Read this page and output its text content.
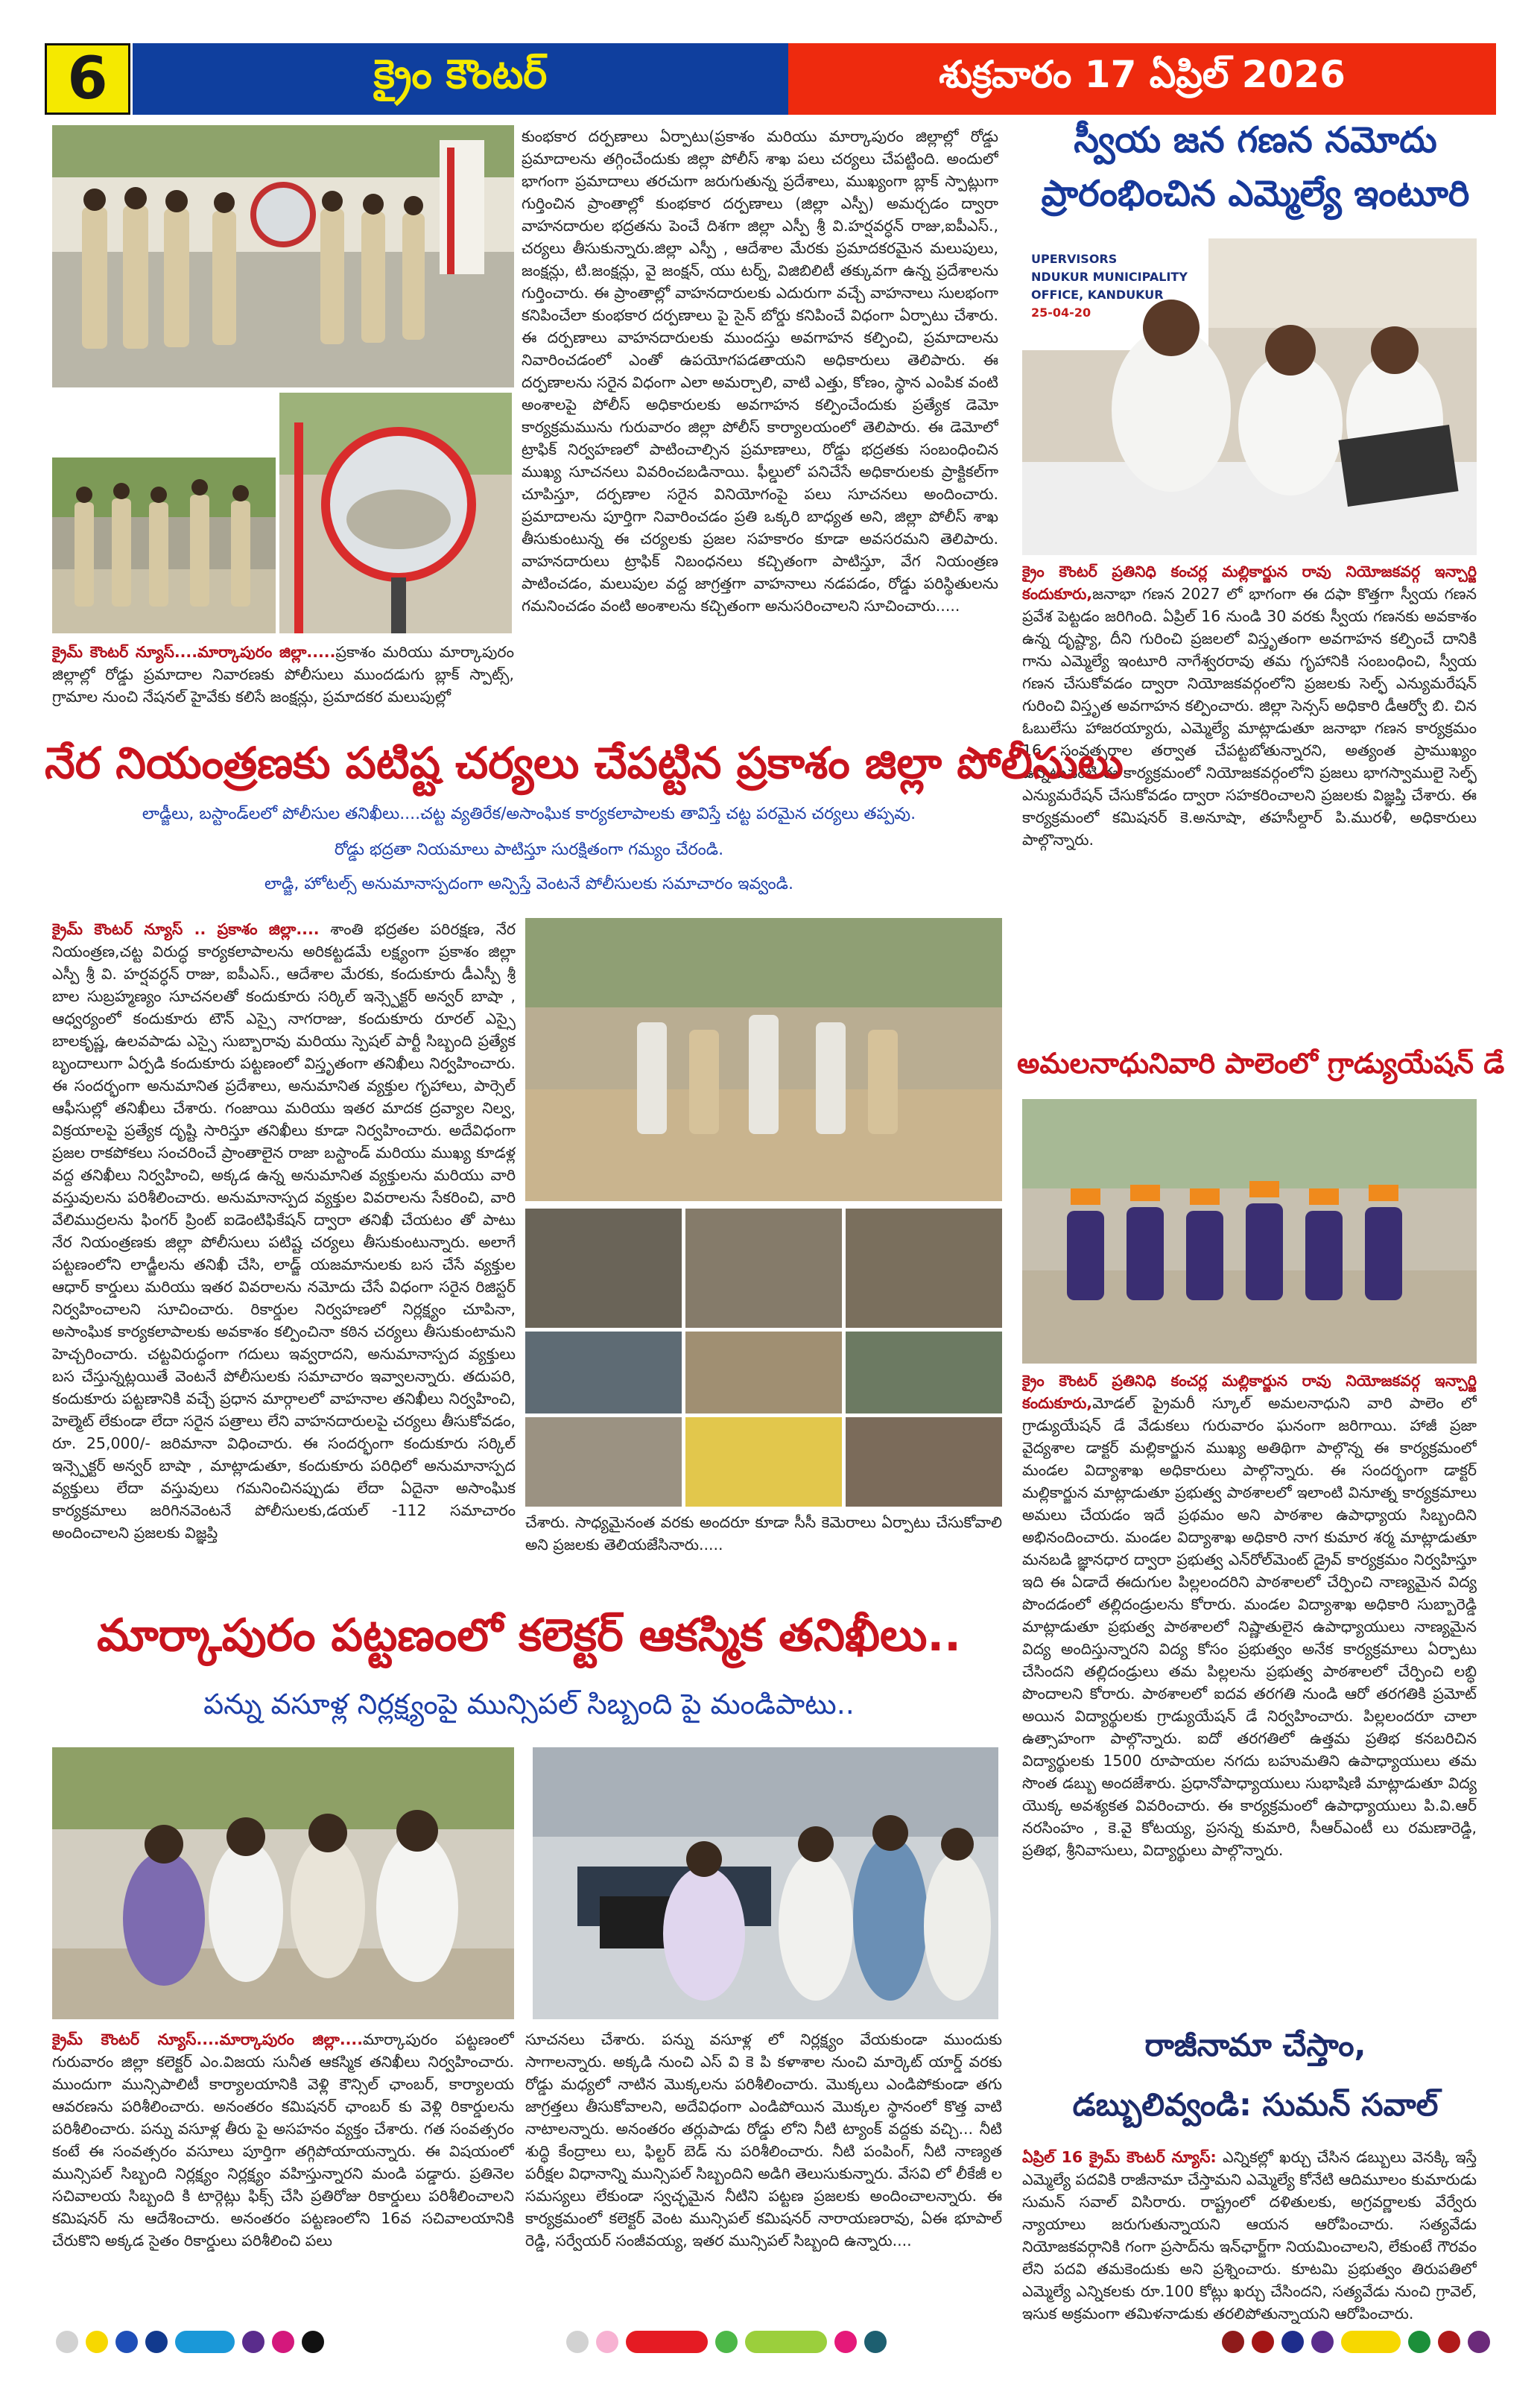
6	క్రైం కౌంటర్	శుక్రవారం 17 ఏప్రిల్ 2026
కుంభకార దర్పణాలు ఏర్పాటు(ప్రకాశం మరియు మార్కాపురం జిల్లాల్లో రోడ్డు ప్రమాదాలను తగ్గించేందుకు జిల్లా పోలీస్ శాఖ పలు చర్యలు చేపట్టింది. అందులో భాగంగా ప్రమాదాలు తరచుగా జరుగుతున్న ప్రదేశాలు, ముఖ్యంగా బ్లాక్ స్పాట్లుగా గుర్తించిన ప్రాంతాల్లో కుంభకార దర్పణాలు (జిల్లా ఎస్పీ) అమర్చడం ద్వారా వాహనదారుల భద్రతను పెంచే దిశగా జిల్లా ఎస్పీ శ్రీ వి.హర్షవర్ధన్ రాజు,ఐపీఎస్., చర్యలు తీసుకున్నారు.జిల్లా ఎస్పీ , ఆదేశాల మేరకు ప్రమాదకరమైన మలుపులు, జంక్షన్లు, టి.జంక్షన్లు, వై జంక్షన్, యు టర్న్, విజిబిలిటీ తక్కువగా ఉన్న ప్రదేశాలను గుర్తించారు. ఈ ప్రాంతాల్లో వాహనదారులకు ఎదురుగా వచ్చే వాహనాలు సులభంగా కనిపించేలా కుంభకార దర్పణాలు పై సైన్ బోర్డు కనిపించే విధంగా ఏర్పాటు చేశారు. ఈ దర్పణాలు వాహనదారులకు ముందస్తు అవగాహన కల్పించి, ప్రమాదాలను నివారించడంలో ఎంతో ఉపయోగపడతాయని అధికారులు తెలిపారు. ఈ దర్పణాలను సరైన విధంగా ఎలా అమర్చాలి, వాటి ఎత్తు, కోణం, స్థాన ఎంపిక వంటి అంశాలపై పోలీస్ అధికారులకు అవగాహన కల్పించేందుకు ప్రత్యేక డెమో కార్యక్రమమును గురువారం జిల్లా పోలీస్ కార్యాలయంలో తెలిపారు. ఈ డెమోలో ట్రాఫిక్ నిర్వహణలో పాటించాల్సిన ప్రమాణాలు, రోడ్డు భద్రతకు సంబంధించిన ముఖ్య సూచనలు వివరించబడినాయి. ఫీల్డులో పనిచేసే అధికారులకు ప్రాక్టికల్‌గా చూపిస్తూ, దర్పణాల సరైన వినియోగంపై పలు సూచనలు అందించారు. ప్రమాదాలను పూర్తిగా నివారించడం ప్రతి ఒక్కరి బాధ్యత అని, జిల్లా పోలీస్ శాఖ తీసుకుంటున్న ఈ చర్యలకు ప్రజల సహకారం కూడా అవసరమని తెలిపారు. వాహనదారులు ట్రాఫిక్ నిబంధనలు కచ్చితంగా పాటిస్తూ, వేగ నియంత్రణ పాటించడం, మలుపుల వద్ద జాగ్రత్తగా వాహనాలు నడపడం, రోడ్డు పరిస్థితులను గమనించడం వంటి అంశాలను కచ్చితంగా అనుసరించాలని సూచించారు.....
క్రైమ్ కౌంటర్ న్యూస్....మార్కాపురం జిల్లా.....ప్రకాశం మరియు మార్కాపురం జిల్లాల్లో రోడ్డు ప్రమాదాల నివారణకు పోలీసులు ముందడుగు బ్లాక్ స్పాట్స్, గ్రామాల నుంచి నేషనల్ హైవేకు కలిసే జంక్షన్లు, ప్రమాదకర మలుపుల్లో
స్వీయ జన గణన నమోదు
ప్రారంభించిన ఎమ్మెల్యే ఇంటూరి
UPERVISORS
NDUKUR MUNICIPALITY
OFFICE, KANDUKUR
25-04-20
క్రైం కౌంటర్ ప్రతినిధి కంచర్ల మల్లికార్జున రావు నియోజకవర్గ ఇన్చార్జి కందుకూరు,జనాభా గణన 2027 లో భాగంగా ఈ దఫా కొత్తగా స్వీయ గణన ప్రవేశ పెట్టడం జరిగింది. ఏప్రిల్ 16 నుండి 30 వరకు స్వీయ గణనకు అవకాశం ఉన్న దృష్ట్యా, దీని గురించి ప్రజలలో విస్తృతంగా అవగాహన కల్పించే దానికి గాను ఎమ్మెల్యే ఇంటూరి నాగేశ్వరరావు తమ గృహానికి సంబంధించి, స్వీయ గణన చేసుకోవడం ద్వారా నియోజకవర్గంలోని ప్రజలకు సెల్ఫ్ ఎన్యుమరేషన్ గురించి విస్తృత అవగాహన కల్పించారు. జిల్లా సెన్సస్ అధికారి డీఆర్వో బి. చిన ఓబులేసు హాజరయ్యారు, ఎమ్మెల్యే మాట్లాడుతూ జనాభా గణన కార్యక్రమం 16 సంవత్సరాల తర్వాత చేపట్టబోతున్నారని, అత్యంత ప్రాముఖ్యం ఉన్నటువంటి ఈ కార్యక్రమంలో నియోజకవర్గంలోని ప్రజలు భాగస్వాములై సెల్ఫ్ ఎన్యుమరేషన్ చేసుకోవడం ద్వారా సహకరించాలని ప్రజలకు విజ్ఞప్తి చేశారు. ఈ కార్యక్రమంలో కమిషనర్ కె.అనూషా, తహసీల్దార్ పి.మురళీ, అధికారులు పాల్గొన్నారు.
నేర నియంత్రణకు పటిష్ట చర్యలు చేపట్టిన ప్రకాశం జిల్లా పోలీసులు
లాడ్జీలు, బస్టాండ్‌లలో పోలీసుల తనిఖీలు....చట్ట వ్యతిరేక/అసాంఘిక కార్యకలాపాలకు తావిస్తే చట్ట పరమైన చర్యలు తప్పవు.
రోడ్డు భద్రతా నియమాలు పాటిస్తూ సురక్షితంగా గమ్యం చేరండి.
లాడ్జి, హోటల్స్ అనుమానాస్పదంగా అన్పిస్తే వెంటనే పోలీసులకు సమాచారం ఇవ్వండి.
క్రైమ్ కౌంటర్ న్యూస్ .. ప్రకాశం జిల్లా.... శాంతి భద్రతల పరిరక్షణ, నేర నియంత్రణ,చట్ట విరుద్ధ కార్యకలాపాలను అరికట్టడమే లక్ష్యంగా ప్రకాశం జిల్లా ఎస్పీ శ్రీ వి. హర్షవర్ధన్ రాజు, ఐపీఎస్., ఆదేశాల మేరకు, కందుకూరు డీఎస్పీ శ్రీ బాల సుబ్రహ్మణ్యం సూచనలతో కందుకూరు సర్కిల్ ఇన్స్పెక్టర్ అన్వర్ బాషా , ఆధ్వర్యంలో కందుకూరు టౌన్ ఎస్సై నాగరాజు, కందుకూరు రూరల్ ఎస్సై బాలకృష్ణ, ఉలవపాడు ఎస్సై సుబ్బారావు మరియు స్పెషల్ పార్టీ సిబ్బంది ప్రత్యేక బృందాలుగా ఏర్పడి కందుకూరు పట్టణంలో విస్తృతంగా తనిఖీలు నిర్వహించారు. ఈ సందర్భంగా అనుమానిత ప్రదేశాలు, అనుమానిత వ్యక్తుల గృహాలు, పార్సెల్ ఆఫీసుల్లో తనిఖీలు చేశారు. గంజాయి మరియు ఇతర మాదక ద్రవ్యాల నిల్వ, విక్రయాలపై ప్రత్యేక దృష్టి సారిస్తూ తనిఖీలు కూడా నిర్వహించారు. అదేవిధంగా ప్రజల రాకపోకలు సంచరించే ప్రాంతాలైన రాజా బస్టాండ్ మరియు ముఖ్య కూడళ్ల వద్ద తనిఖీలు నిర్వహించి, అక్కడ ఉన్న అనుమానిత వ్యక్తులను మరియు వారి వస్తువులను పరిశీలించారు. అనుమానాస్పద వ్యక్తుల వివరాలను సేకరించి, వారి వేలిముద్రలను ఫింగర్ ప్రింట్ ఐడెంటిఫికేషన్ ద్వారా తనిఖీ చేయటం తో పాటు నేర నియంత్రణకు జిల్లా పోలీసులు పటిష్ట చర్యలు తీసుకుంటున్నారు. అలాగే పట్టణంలోని లాడ్జీలను తనిఖీ చేసి, లాడ్జ్ యజమానులకు బస చేసే వ్యక్తుల ఆధార్ కార్డులు మరియు ఇతర వివరాలను నమోదు చేసే విధంగా సరైన రిజిస్టర్ నిర్వహించాలని సూచించారు. రికార్డుల నిర్వహణలో నిర్లక్ష్యం చూపినా, అసాంఘిక కార్యకలాపాలకు అవకాశం కల్పించినా కఠిన చర్యలు తీసుకుంటామని హెచ్చరించారు. చట్టవిరుద్ధంగా గదులు ఇవ్వరాదని, అనుమానాస్పద వ్యక్తులు బస చేస్తున్నట్లయితే వెంటనే పోలీసులకు సమాచారం ఇవ్వాలన్నారు. తదుపరి, కందుకూరు పట్టణానికి వచ్చే ప్రధాన మార్గాలలో వాహనాల తనిఖీలు నిర్వహించి, హెల్మెట్ లేకుండా లేదా సరైన పత్రాలు లేని వాహనదారులపై చర్యలు తీసుకోవడం, రూ. 25,000/- జరిమానా విధించారు. ఈ సందర్భంగా కందుకూరు సర్కిల్ ఇన్స్పెక్టర్ అన్వర్ బాషా , మాట్లాడుతూ, కందుకూరు పరిధిలో అనుమానాస్పద వ్యక్తులు లేదా వస్తువులు గమనించినప్పుడు లేదా ఏదైనా అసాంఘిక కార్యక్రమాలు జరిగినవెంటనే పోలీసులకు,డయల్ -112 సమాచారం అందించాలని ప్రజలకు విజ్ఞప్తి
చేశారు. సాధ్యమైనంత వరకు అందరూ కూడా సీసీ కెమెరాలు ఏర్పాటు చేసుకోవాలి అని ప్రజలకు తెలియజేసినారు.....
అమలనాధునివారి పాలెంలో గ్రాడ్యుయేషన్ డే
క్రైం కౌంటర్ ప్రతినిధి కంచర్ల మల్లికార్జున రావు నియోజకవర్గ ఇన్చార్జి కందుకూరు,మోడల్ ప్రైమరీ స్కూల్ అమలనాధుని వారి పాలెం లో గ్రాడ్యుయేషన్ డే వేడుకలు గురువారం ఘనంగా జరిగాయి. హాజీ ప్రజా వైద్యశాల డాక్టర్ మల్లికార్జున ముఖ్య అతిథిగా పాల్గొన్న ఈ కార్యక్రమంలో మండల విద్యాశాఖ అధికారులు పాల్గొన్నారు. ఈ సందర్భంగా డాక్టర్ మల్లికార్జున మాట్లాడుతూ ప్రభుత్వ పాఠశాలలో ఇలాంటి వినూత్న కార్యక్రమాలు అమలు చేయడం ఇదే ప్రథమం అని పాఠశాల ఉపాధ్యాయ సిబ్బందిని అభినందించారు. మండల విద్యాశాఖ అధికారి నాగ కుమార శర్మ మాట్లాడుతూ మనబడి జ్ఞానధార ద్వారా ప్రభుత్వ ఎన్‌రోల్‌మెంట్ డ్రైవ్ కార్యక్రమం నిర్వహిస్తూ ఇది ఈ ఏడాదే ఈదుగుల పిల్లలందరిని పాఠశాలలో చేర్పించి నాణ్యమైన విద్య పొందడంలో తల్లిదండ్రులను కోరారు. మండల విద్యాశాఖ అధికారి సుబ్బారెడ్డి మాట్లాడుతూ ప్రభుత్వ పాఠశాలలో నిష్ణాతులైన ఉపాధ్యాయులు నాణ్యమైన విద్య అందిస్తున్నారని విద్య కోసం ప్రభుత్వం అనేక కార్యక్రమాలు ఏర్పాటు చేసిందని తల్లిదండ్రులు తమ పిల్లలను ప్రభుత్వ పాఠశాలలో చేర్పించి లబ్ధి పొందాలని కోరారు. పాఠశాలలో ఐదవ తరగతి నుండి ఆరో తరగతికి ప్రమోట్ అయిన విద్యార్థులకు గ్రాడ్యుయేషన్ డే నిర్వహించారు. పిల్లలందరూ చాలా ఉత్సాహంగా పాల్గొన్నారు. ఐదో తరగతిలో ఉత్తమ ప్రతిభ కనబరిచిన విద్యార్థులకు 1500 రూపాయల నగదు బహుమతిని ఉపాధ్యాయులు తమ సొంత డబ్బు అందజేశారు. ప్రధానోపాధ్యాయులు సుభాషిణి మాట్లాడుతూ విద్య యొక్క అవశ్యకత వివరించారు. ఈ కార్యక్రమంలో ఉపాధ్యాయులు పి.వి.ఆర్ నరసింహం , కె.వై కోటయ్య, ప్రసన్న కుమారి, సీఆర్ఎంటీ లు రమణారెడ్డి, ప్రతిభ, శ్రీనివాసులు, విద్యార్థులు పాల్గొన్నారు.
మార్కాపురం పట్టణంలో కలెక్టర్ ఆకస్మిక తనిఖీలు..
పన్ను వసూళ్ల నిర్లక్ష్యంపై మున్సిపల్ సిబ్బంది పై మండిపాటు..
క్రైమ్ కౌంటర్ న్యూస్....మార్కాపురం జిల్లా....మార్కాపురం పట్టణంలో గురువారం జిల్లా కలెక్టర్ ఎం.విజయ సునీత ఆకస్మిక తనిఖీలు నిర్వహించారు. ముందుగా మున్సిపాలిటీ కార్యాలయానికి వెళ్లి కౌన్సిల్ ఛాంబర్, కార్యాలయ ఆవరణను పరిశీలించారు. అనంతరం కమిషనర్ ఛాంబర్ కు వెళ్లి రికార్డులను పరిశీలించారు. పన్ను వసూళ్ల తీరు పై అసహనం వ్యక్తం చేశారు. గత సంవత్సరం కంటే ఈ సంవత్సరం వసూలు పూర్తిగా తగ్గిపోయాయన్నారు. ఈ విషయంలో మున్సిపల్ సిబ్బంది నిర్లక్ష్యం నిర్లక్ష్యం వహిస్తున్నారని మండి పడ్డారు. ప్రతినెల సచివాలయ సిబ్బంది కి టార్గెట్లు ఫిక్స్ చేసి ప్రతిరోజు రికార్డులు పరిశీలించాలని కమిషనర్ ను ఆదేశించారు. అనంతరం పట్టణంలోని 16వ సచివాలయానికి చేరుకొని అక్కడ సైతం రికార్డులు పరిశీలించి పలు
సూచనలు చేశారు. పన్ను వసూళ్ల లో నిర్లక్ష్యం వేయకుండా ముందుకు సాగాలన్నారు. అక్కడి నుంచి ఎస్ వి కె పి కళాశాల నుంచి మార్కెట్ యార్డ్ వరకు రోడ్డు మధ్యలో నాటిన మొక్కలను పరిశీలించారు. మొక్కలు ఎండిపోకుండా తగు జాగ్రత్తలు తీసుకోవాలని, అదేవిధంగా ఎండిపోయిన మొక్కల స్థానంలో కొత్త వాటి నాటాలన్నారు. అనంతరం తర్లుపాడు రోడ్డు లోని నీటి ట్యాంక్ వద్దకు వచ్చి... నీటి శుద్ధి కేంద్రాలు లు, ఫిల్టర్ బెడ్ ను పరిశీలించారు. నీటి పంపింగ్, నీటి నాణ్యత పరీక్షల విధానాన్ని మున్సిపల్ సిబ్బందిని అడిగి తెలుసుకున్నారు. వేసవి లో లీకేజీ ల సమస్యలు లేకుండా స్వచ్ఛమైన నీటిని పట్టణ ప్రజలకు అందించాలన్నారు. ఈ కార్యక్రమంలో కలెక్టర్ వెంట మున్సిపల్ కమిషనర్ నారాయణరావు, ఏఈ భూపాల్ రెడ్డి, సర్వేయర్ సంజీవయ్య, ఇతర మున్సిపల్ సిబ్బంది ఉన్నారు....
రాజీనామా చేస్తాం,
డబ్బులివ్వండి: సుమన్ సవాల్
ఏప్రిల్ 16 క్రైమ్ కౌంటర్ న్యూస్: ఎన్నికల్లో ఖర్చు చేసిన డబ్బులు వెనక్కి ఇస్తే ఎమ్మెల్యే పదవికి రాజీనామా చేస్తామని ఎమ్మెల్యే కోనేటి ఆదిమూలం కుమారుడు సుమన్ సవాల్ విసిరారు. రాష్ట్రంలో దళితులకు, అగ్రవర్ణాలకు వేర్వేరు న్యాయాలు జరుగుతున్నాయని ఆయన ఆరోపించారు. సత్యవేడు నియోజకవర్గానికి గంగా ప్రసాద్‌ను ఇన్‌ఛార్జ్‌గా నియమించాలని, లేకుంటే గౌరవం లేని పదవి తమకెందుకు అని ప్రశ్నించారు. కూటమి ప్రభుత్వం తిరుపతిలో ఎమ్మెల్యే ఎన్నికలకు రూ.100 కోట్లు ఖర్చు చేసిందని, సత్యవేడు నుంచి గ్రావెల్, ఇసుక అక్రమంగా తమిళనాడుకు తరలిపోతున్నాయని ఆరోపించారు.
